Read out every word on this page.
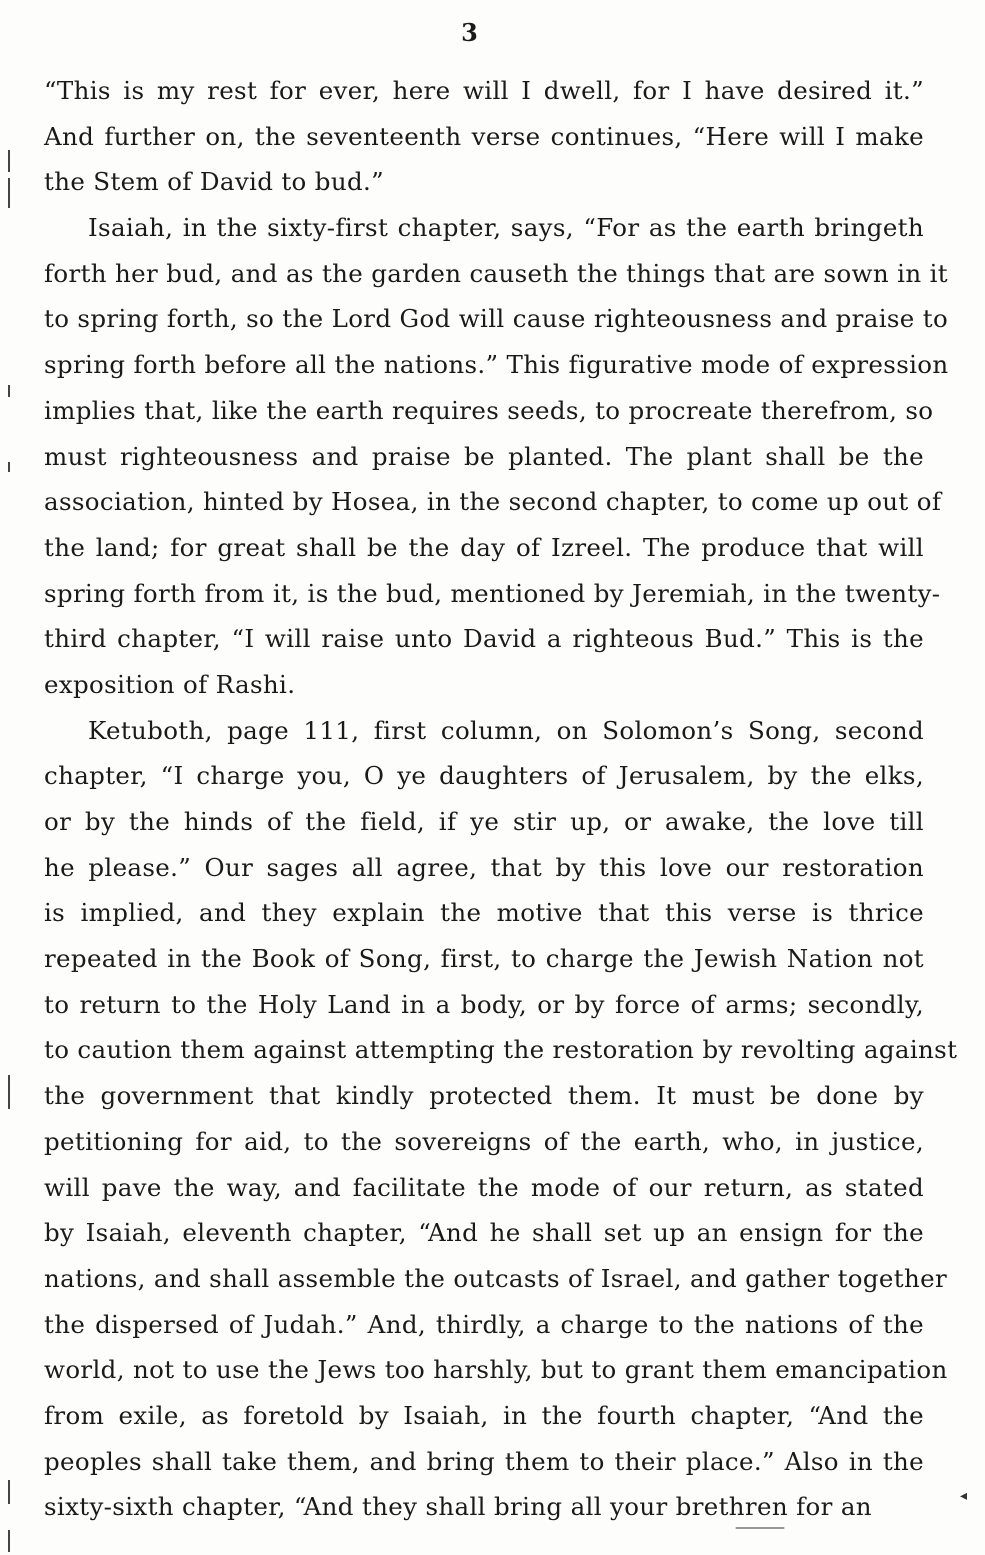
3
“This is my rest for ever, here will I dwell, for I have desired it.”
And further on, the seventeenth verse continues, “Here will I make
the Stem of David to bud.”
Isaiah, in the sixty-first chapter, says, “For as the earth bringeth
forth her bud, and as the garden causeth the things that are sown in it
to spring forth, so the Lord God will cause righteousness and praise to
spring forth before all the nations.” This figurative mode of expression
implies that, like the earth requires seeds, to procreate therefrom, so
must righteousness and praise be planted. The plant shall be the
association, hinted by Hosea, in the second chapter, to come up out of
the land; for great shall be the day of Izreel. The produce that will
spring forth from it, is the bud, mentioned by Jeremiah, in the twenty-
third chapter, “I will raise unto David a righteous Bud.” This is the
exposition of Rashi.
Ketuboth, page 111, first column, on Solomon’s Song, second
chapter, “I charge you, O ye daughters of Jerusalem, by the elks,
or by the hinds of the field, if ye stir up, or awake, the love till
he please.” Our sages all agree, that by this love our restoration
is implied, and they explain the motive that this verse is thrice
repeated in the Book of Song, first, to charge the Jewish Nation not
to return to the Holy Land in a body, or by force of arms; secondly,
to caution them against attempting the restoration by revolting against
the government that kindly protected them. It must be done by
petitioning for aid, to the sovereigns of the earth, who, in justice,
will pave the way, and facilitate the mode of our return, as stated
by Isaiah, eleventh chapter, “And he shall set up an ensign for the
nations, and shall assemble the outcasts of Israel, and gather together
the dispersed of Judah.” And, thirdly, a charge to the nations of the
world, not to use the Jews too harshly, but to grant them emancipation
from exile, as foretold by Isaiah, in the fourth chapter, “And the
peoples shall take them, and bring them to their place.” Also in the
sixty-sixth chapter, “And they shall bring all your brethren for an	◂
————
